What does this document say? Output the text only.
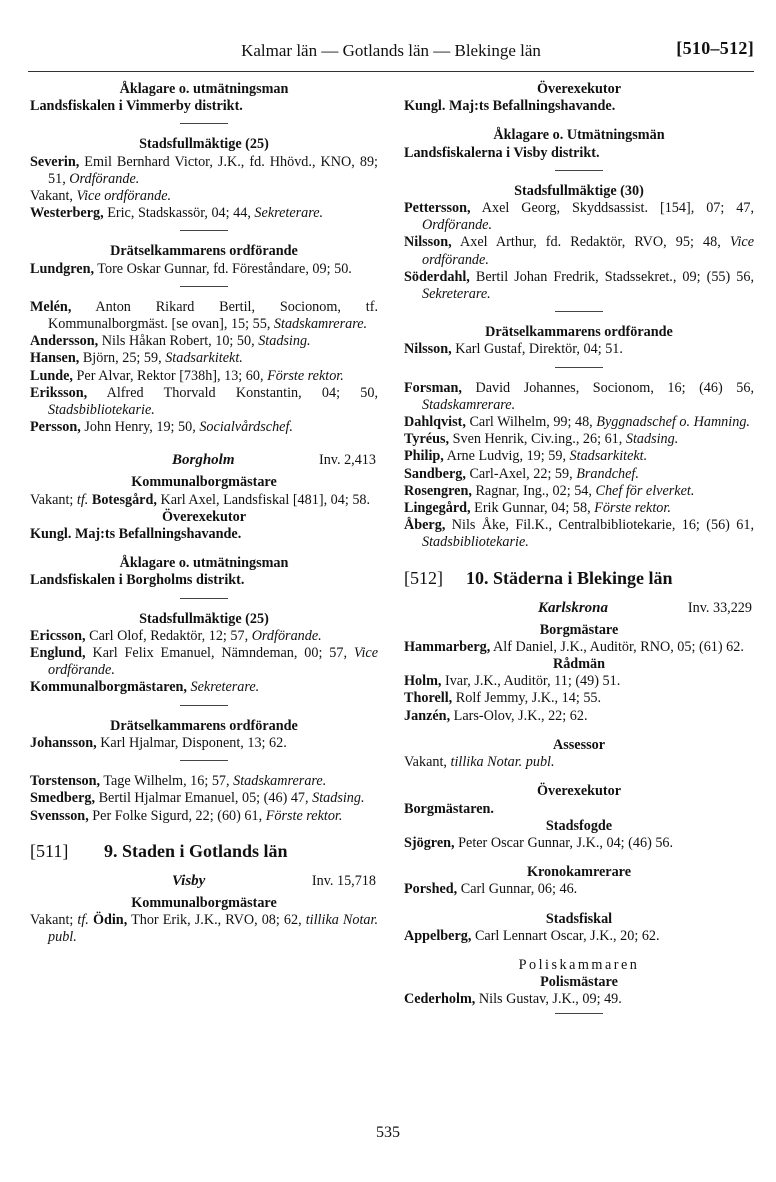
Kalmar län — Gotlands län — Blekinge län	[510–512]

Åklagare o. utmätningsman

Landsfiskalen i Vimmerby distrikt.

Stadsfullmäktige (25)

Severin, Emil Bernhard Victor, J.K., fd. Hhövd., KNO, 89; 51, Ordförande.

Vakant, Vice ordförande.

Westerberg, Eric, Stadskassör, 04; 44, Sekreterare.

Drätselkammarens ordförande

Lundgren, Tore Oskar Gunnar, fd. Föreståndare, 09; 50.

Melén, Anton Rikard Bertil, Socionom, tf. Kommunalborgmäst. [se ovan], 15; 55, Stadskamrerare.

Andersson, Nils Håkan Robert, 10; 50, Stadsing.

Hansen, Björn, 25; 59, Stadsarkitekt.

Lunde, Per Alvar, Rektor [738h], 13; 60, Förste rektor.

Eriksson, Alfred Thorvald Konstantin, 04; 50, Stadsbibliotekarie.

Persson, John Henry, 19; 50, Socialvårdschef.

Borgholm	Inv. 2,413

Kommunalborgmästare

Vakant; tf. Botesgård, Karl Axel, Landsfiskal [481], 04; 58.

Överexekutor

Kungl. Maj:ts Befallningshavande.

Åklagare o. utmätningsman

Landsfiskalen i Borgholms distrikt.

Stadsfullmäktige (25)

Ericsson, Carl Olof, Redaktör, 12; 57, Ordförande.

Englund, Karl Felix Emanuel, Nämndeman, 00; 57, Vice ordförande.

Kommunalborgmästaren, Sekreterare.

Drätselkammarens ordförande

Johansson, Karl Hjalmar, Disponent, 13; 62.

Torstenson, Tage Wilhelm, 16; 57, Stadskamrerare.

Smedberg, Bertil Hjalmar Emanuel, 05; (46) 47, Stadsing.

Svensson, Per Folke Sigurd, 22; (60) 61, Förste rektor.

[511] 9. Staden i Gotlands län
Visby	Inv. 15,718

Kommunalborgmästare

Vakant; tf. Ödin, Thor Erik, J.K., RVO, 08; 62, tillika Notar. publ.

Överexekutor

Kungl. Maj:ts Befallningshavande.

Åklagare o. Utmätningsmän

Landsfiskalerna i Visby distrikt.

Stadsfullmäktige (30)

Pettersson, Axel Georg, Skyddsassist. [154], 07; 47, Ordförande.

Nilsson, Axel Arthur, fd. Redaktör, RVO, 95; 48, Vice ordförande.

Söderdahl, Bertil Johan Fredrik, Stadssekret., 09; (55) 56, Sekreterare.

Drätselkammarens ordförande

Nilsson, Karl Gustaf, Direktör, 04; 51.

Forsman, David Johannes, Socionom, 16; (46) 56, Stadskamrerare.

Dahlqvist, Carl Wilhelm, 99; 48, Byggnadschef o. Hamning.

Tyréus, Sven Henrik, Civ.ing., 26; 61, Stadsing.

Philip, Arne Ludvig, 19; 59, Stadsarkitekt.

Sandberg, Carl-Axel, 22; 59, Brandchef.

Rosengren, Ragnar, Ing., 02; 54, Chef för elverket.

Lingegård, Erik Gunnar, 04; 58, Förste rektor.

Åberg, Nils Åke, Fil.K., Centralbibliotekarie, 16; (56) 61, Stadsbibliotekarie.

[512] 10. Städerna i Blekinge län
Karlskrona	Inv. 33,229

Borgmästare

Hammarberg, Alf Daniel, J.K., Auditör, RNO, 05; (61) 62.

Rådmän

Holm, Ivar, J.K., Auditör, 11; (49) 51.

Thorell, Rolf Jemmy, J.K., 14; 55.

Janzén, Lars-Olov, J.K., 22; 62.

Assessor

Vakant, tillika Notar. publ.

Överexekutor

Borgmästaren.

Stadsfogde

Sjögren, Peter Oscar Gunnar, J.K., 04; (46) 56.

Kronokamrerare

Porshed, Carl Gunnar, 06; 46.

Stadsfiskal

Appelberg, Carl Lennart Oscar, J.K., 20; 62.

Poliskammaren

Polismästare

Cederholm, Nils Gustav, J.K., 09; 49.

535
